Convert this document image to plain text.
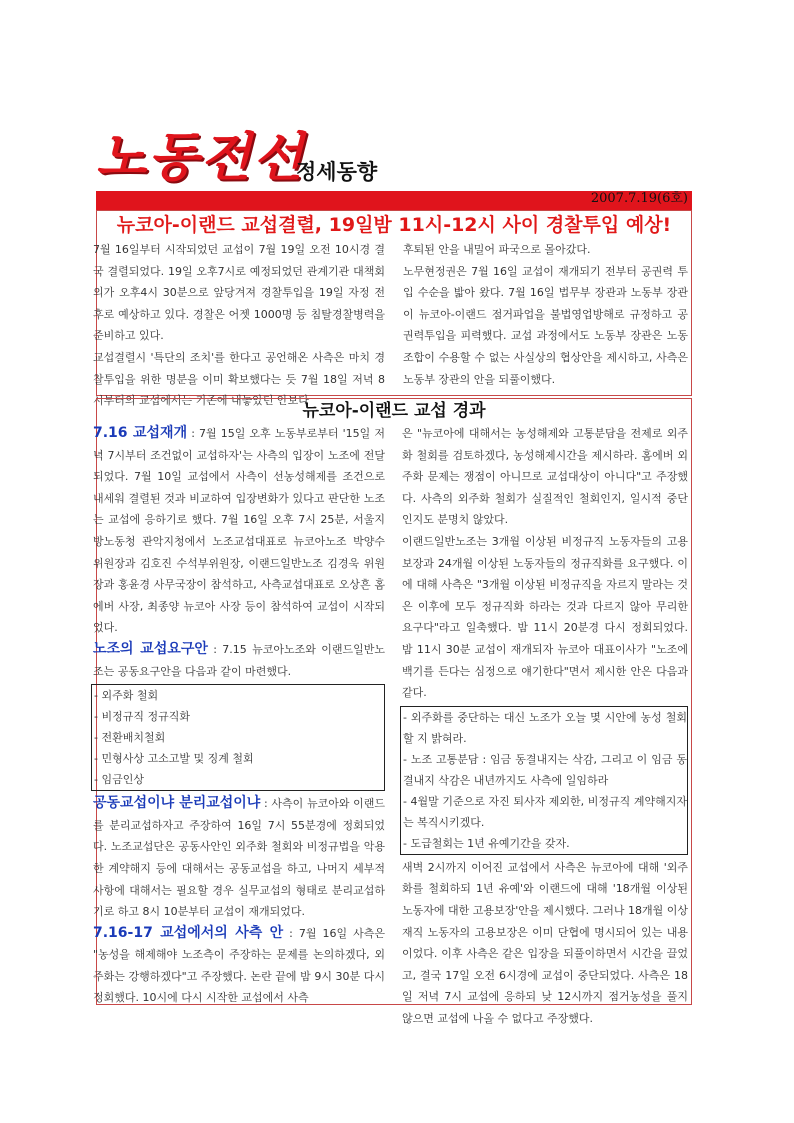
노동전선
정세동향
2007.7.19(6호)
뉴코아-이랜드 교섭결렬, 19일밤 11시-12시 사이 경찰투입 예상!

7월 16일부터 시작되었던 교섭이 7월 19일 오전 10시경 결국 결렬되었다. 19일 오후7시로 예정되었던 관계기관 대책회의가 오후4시 30분으로 앞당겨져 경찰투입을 19일 자정 전후로 예상하고 있다. 경찰은 어젯 1000명 등 침탈경찰병력을 준비하고 있다.

교섭결렬시 '특단의 조치'를 한다고 공언해온 사측은 마치 경찰투입을 위한 명분을 이미 확보했다는 듯 7월 18일 저녁 8시부터의 교섭에서는 기존에 내놓았던 안보다

후퇴된 안을 내밀어 파국으로 몰아갔다.

노무현정권은 7월 16일 교섭이 재개되기 전부터 공권력 투입 수순을 밟아 왔다. 7월 16일 법무부 장관과 노동부 장관이 뉴코아-이랜드 점거파업을 불법영업방해로 규정하고 공권력투입을 피력했다. 교섭 과정에서도 노동부 장관은 노동조합이 수용할 수 없는 사실상의 협상안을 제시하고, 사측은 노동부 장관의 안을 되풀이했다.

뉴코아-이랜드 교섭 경과

7.16 교섭재개 : 7월 15일 오후 노동부로부터 '15일 저녁 7시부터 조건없이 교섭하자'는 사측의 입장이 노조에 전달되었다. 7월 10일 교섭에서 사측이 선농성해제를 조건으로 내세워 결렬된 것과 비교하여 입장변화가 있다고 판단한 노조는 교섭에 응하기로 했다. 7월 16일 오후 7시 25분, 서울지방노동청 관악지청에서 노조교섭대표로 뉴코아노조 박양수 위원장과 김호진 수석부위원장, 이랜드일반노조 김경욱 위원장과 홍윤경 사무국장이 참석하고, 사측교섭대표로 오상흔 홈에버 사장, 최종양 뉴코아 사장 등이 참석하여 교섭이 시작되었다.

노조의 교섭요구안 : 7.15 뉴코아노조와 이랜드일반노조는 공동요구안을 다음과 같이 마련했다.

- 외주화 철회
- 비정규직 정규직화
- 전환배치철회
- 민형사상 고소고발 및 징계 철회
- 임금인상

공동교섭이냐 분리교섭이냐 : 사측이 뉴코아와 이랜드를 분리교섭하자고 주장하여 16일 7시 55분경에 정회되었다. 노조교섭단은 공동사안인 외주화 철회와 비정규법을 악용한 계약해지 등에 대해서는 공동교섭을 하고, 나머지 세부적 사항에 대해서는 필요할 경우 실무교섭의 형태로 분리교섭하기로 하고 8시 10분부터 교섭이 재개되었다.

7.16-17 교섭에서의 사측 안 : 7월 16일 사측은 "농성을 해제해야 노조측이 주장하는 문제를 논의하겠다, 외주화는 강행하겠다"고 주장했다. 논란 끝에 밤 9시 30분 다시 정회했다. 10시에 다시 시작한 교섭에서 사측

은 "뉴코아에 대해서는 농성해제와 고통분담을 전제로 외주화 철회를 검토하겠다, 농성해제시간을 제시하라. 홈에버 외주화 문제는 쟁점이 아니므로 교섭대상이 아니다"고 주장했다. 사측의 외주화 철회가 실질적인 철회인지, 일시적 중단인지도 분명치 않았다.

이랜드일반노조는 3개월 이상된 비정규직 노동자들의 고용보장과 24개월 이상된 노동자들의 정규직화를 요구했다. 이에 대해 사측은 "3개월 이상된 비정규직을 자르지 말라는 것은 이후에 모두 정규직화 하라는 것과 다르지 않아 무리한 요구다"라고 일축했다. 밤 11시 20분경 다시 정회되었다. 밤 11시 30분 교섭이 재개되자 뉴코아 대표이사가 "노조에 백기를 든다는 심정으로 얘기한다"면서 제시한 안은 다음과 같다.

- 외주화를 중단하는 대신 노조가 오늘 몇 시안에 농성 철회할 지 밝혀라.
- 노조 고통분담 : 임금 동결내지는 삭감, 그리고 이 임금 동결내지 삭감은 내년까지도 사측에 일임하라
- 4월말 기준으로 자진 퇴사자 제외한, 비정규직 계약해지자는 복직시키겠다.
- 도급철회는 1년 유예기간을 갖자.

새벽 2시까지 이어진 교섭에서 사측은 뉴코아에 대해 '외주화를 철회하되 1년 유예'와 이랜드에 대해 '18개월 이상된 노동자에 대한 고용보장'안을 제시했다. 그러나 18개월 이상 재직 노동자의 고용보장은 이미 단협에 명시되어 있는 내용이었다. 이후 사측은 같은 입장을 되풀이하면서 시간을 끌었고, 결국 17일 오전 6시경에 교섭이 중단되었다. 사측은 18일 저녁 7시 교섭에 응하되 낮 12시까지 점거농성을 풀지 않으면 교섭에 나올 수 없다고 주장했다.
